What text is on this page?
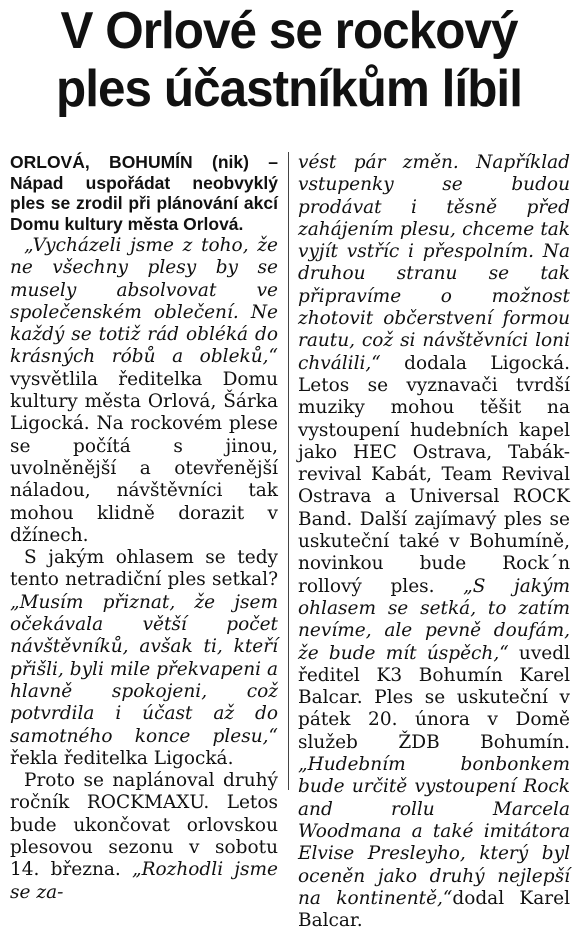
V Orlové se rockový
ples účastníkům líbil

ORLOVÁ, BOHUMÍN (nik) – Nápad uspořádat neobvyklý ples se zrodil při plánování akcí Domu kultury města Orlová.

„Vycházeli jsme z toho, že ne všechny plesy by se musely absolvovat ve společenském oblečení. Ne každý se totiž rád obléká do krásných róbů a obleků,“ vysvětlila ředitelka Domu kultury města Orlová, Šárka Ligocká. Na rockovém plese se počítá s jinou, uvolněnější a otevřenější náladou, návštěvníci tak mohou klidně dorazit v džínech.

S jakým ohlasem se tedy tento netradiční ples setkal? „Musím přiznat, že jsem očekávala větší počet návštěvníků, avšak ti, kteří přišli, byli mile překvapeni a hlavně spokojeni, což potvrdila i účast až do samotného konce plesu,“ řekla ředitelka Ligocká.

Proto se naplánoval druhý ročník ROCKMAXU. Letos bude ukončovat orlovskou plesovou sezonu v sobotu 14. března. „Rozhodli jsme se za-

vést pár změn. Například vstupenky se budou prodávat i těsně před zahájením plesu, chceme tak vyjít vstříc i přespolním. Na druhou stranu se tak připravíme o možnost zhotovit občerstvení formou rautu, což si návštěvníci loni chválili,“ dodala Ligocká. Letos se vyznavači tvrdší muziky mohou těšit na vystoupení hudebních kapel jako HEC Ostrava, Tabák-revival Kabát, Team Revival Ostrava a Universal ROCK Band. Další zajímavý ples se uskuteční také v Bohumíně, novinkou bude Rock´n rollový ples. „S jakým ohlasem se setká, to zatím nevíme, ale pevně doufám, že bude mít úspěch,“ uvedl ředitel K3 Bohumín Karel Balcar. Ples se uskuteční v pátek 20. února v Domě služeb ŽDB Bohumín. „Hudebním bonbonkem bude určitě vystoupení Rock and rollu Marcela Woodmana a také imitátora Elvise Presleyho, který byl oceněn jako druhý nejlepší na kontinentě,“dodal Karel Balcar.
